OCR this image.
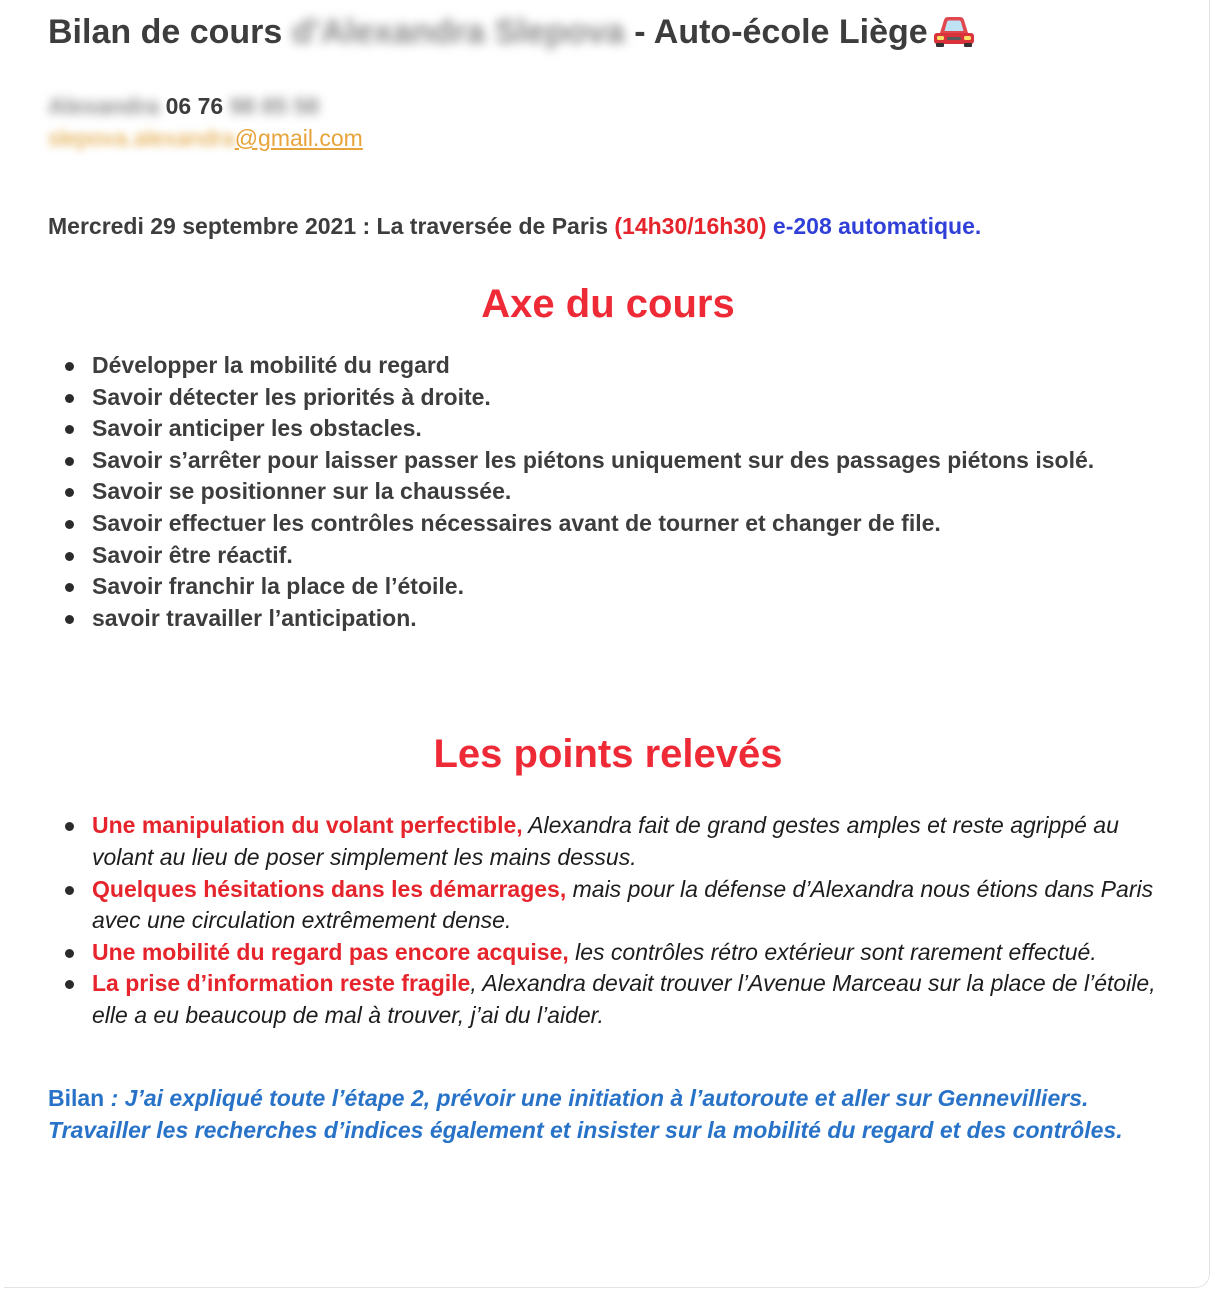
Bilan de cours d'Alexandra Slepova - Auto-école Liège
Alexandra 06 76 98 85 58
slepova.alexandra@gmail.com
Mercredi 29 septembre 2021 : La traversée de Paris (14h30/16h30) e-208 automatique.
Axe du cours
Développer la mobilité du regard
Savoir détecter les priorités à droite.
Savoir anticiper les obstacles.
Savoir s’arrêter pour laisser passer les piétons uniquement sur des passages piétons isolé.
Savoir se positionner sur la chaussée.
Savoir effectuer les contrôles nécessaires avant de tourner et changer de file.
Savoir être réactif.
Savoir franchir la place de l’étoile.
savoir travailler l’anticipation.
Les points relevés
Une manipulation du volant perfectible, Alexandra fait de grand gestes amples et reste agrippé au volant au lieu de poser simplement les mains dessus.
Quelques hésitations dans les démarrages, mais pour la défense d’Alexandra nous étions dans Paris avec une circulation extrêmement dense.
Une mobilité du regard pas encore acquise, les contrôles rétro extérieur sont rarement effectué.
La prise d’information reste fragile, Alexandra devait trouver l’Avenue Marceau sur la place de l’étoile, elle a eu beaucoup de mal à trouver, j’ai du l’aider.
Bilan : J’ai expliqué toute l’étape 2, prévoir une initiation à l’autoroute et aller sur Gennevilliers. Travailler les recherches d’indices également et insister sur la mobilité du regard et des contrôles.
